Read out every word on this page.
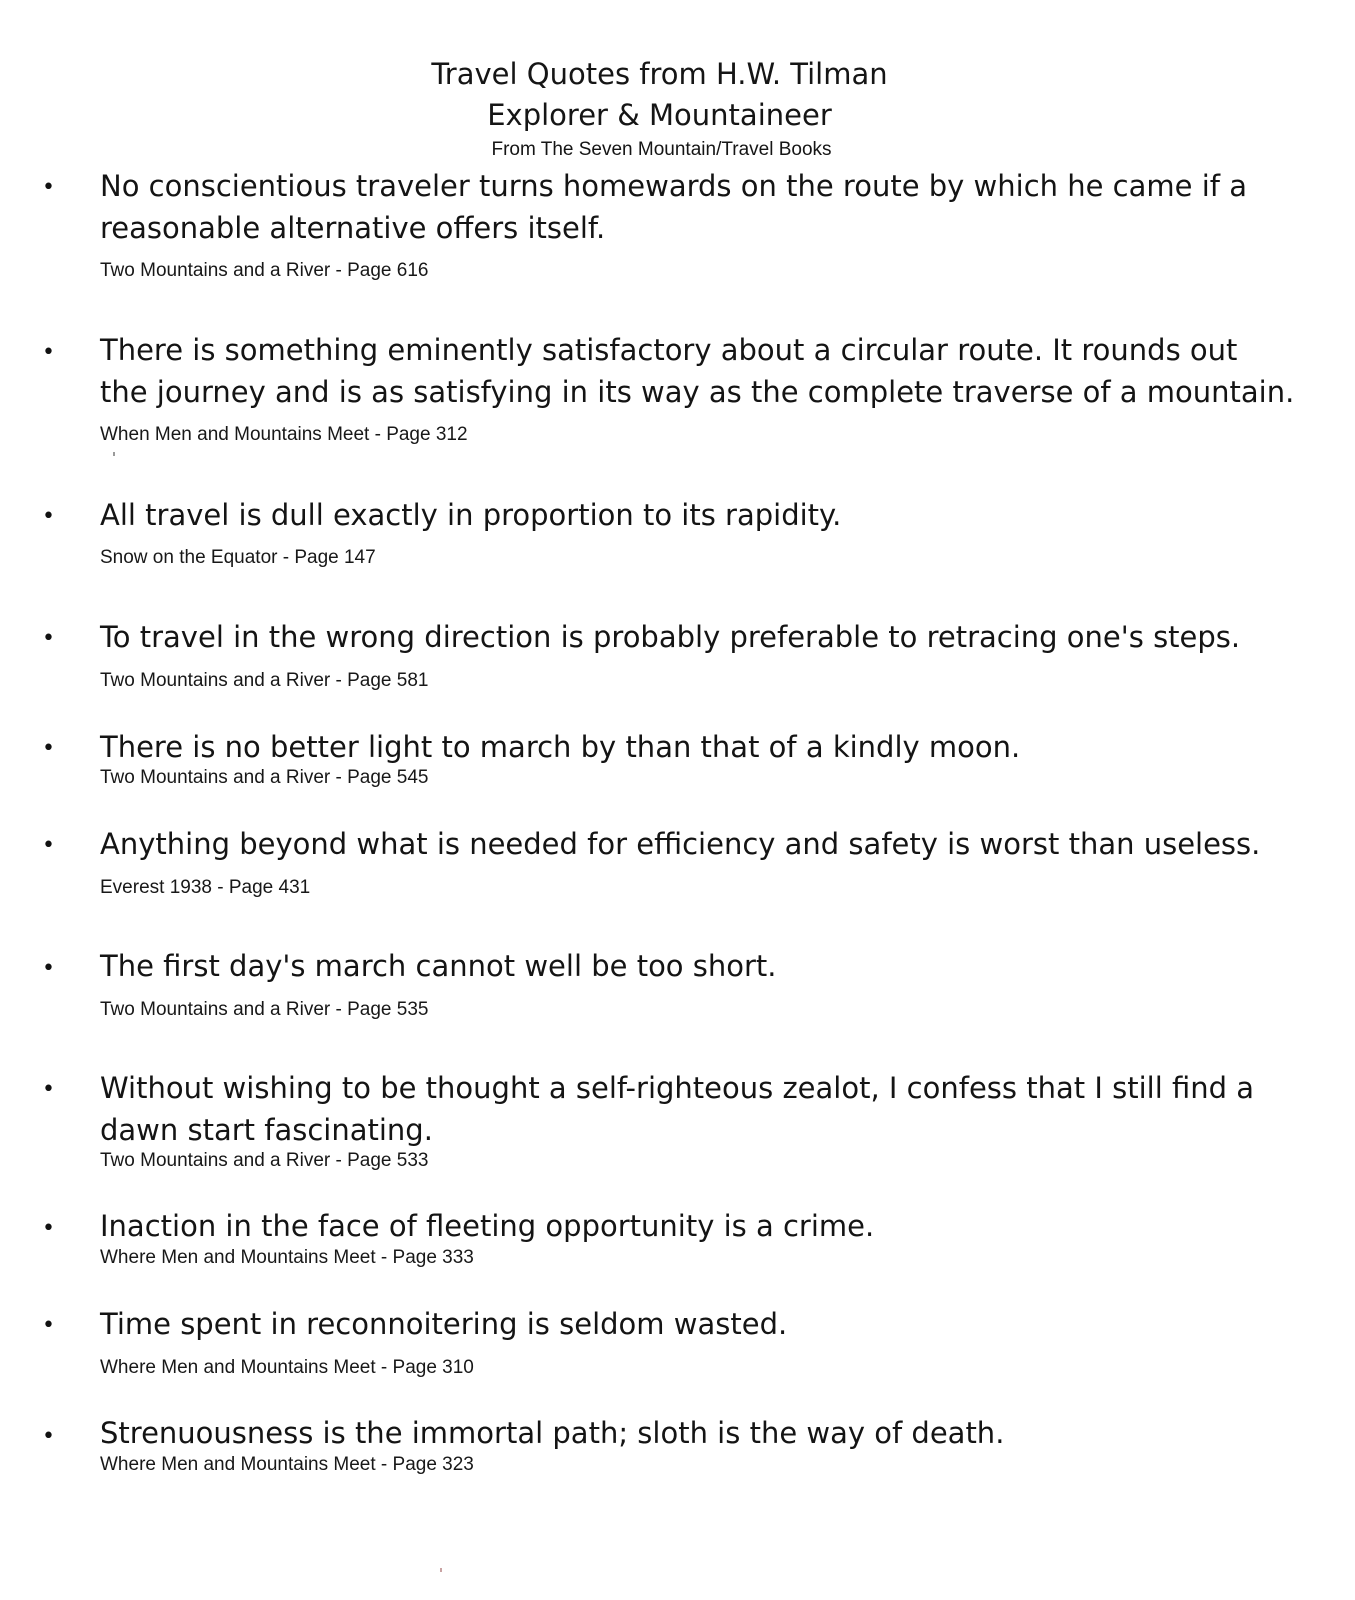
Travel Quotes from H.W. Tilman
Explorer & Mountaineer
From The Seven Mountain/Travel Books
• No conscientious traveler turns homewards on the route by which he came if a
reasonable alternative offers itself.
Two Mountains and a River - Page 616
• There is something eminently satisfactory about a circular route. It rounds out
the journey and is as satisfying in its way as the complete traverse of a mountain.
When Men and Mountains Meet - Page 312
• All travel is dull exactly in proportion to its rapidity.
Snow on the Equator - Page 147
• To travel in the wrong direction is probably preferable to retracing one's steps.
Two Mountains and a River - Page 581
• There is no better light to march by than that of a kindly moon.
Two Mountains and a River - Page 545
• Anything beyond what is needed for efficiency and safety is worst than useless.
Everest 1938 - Page 431
• The first day's march cannot well be too short.
Two Mountains and a River - Page 535
• Without wishing to be thought a self-righteous zealot, I confess that I still find a
dawn start fascinating.
Two Mountains and a River - Page 533
• Inaction in the face of fleeting opportunity is a crime.
Where Men and Mountains Meet - Page 333
• Time spent in reconnoitering is seldom wasted.
Where Men and Mountains Meet - Page 310
• Strenuousness is the immortal path; sloth is the way of death.
Where Men and Mountains Meet - Page 323
